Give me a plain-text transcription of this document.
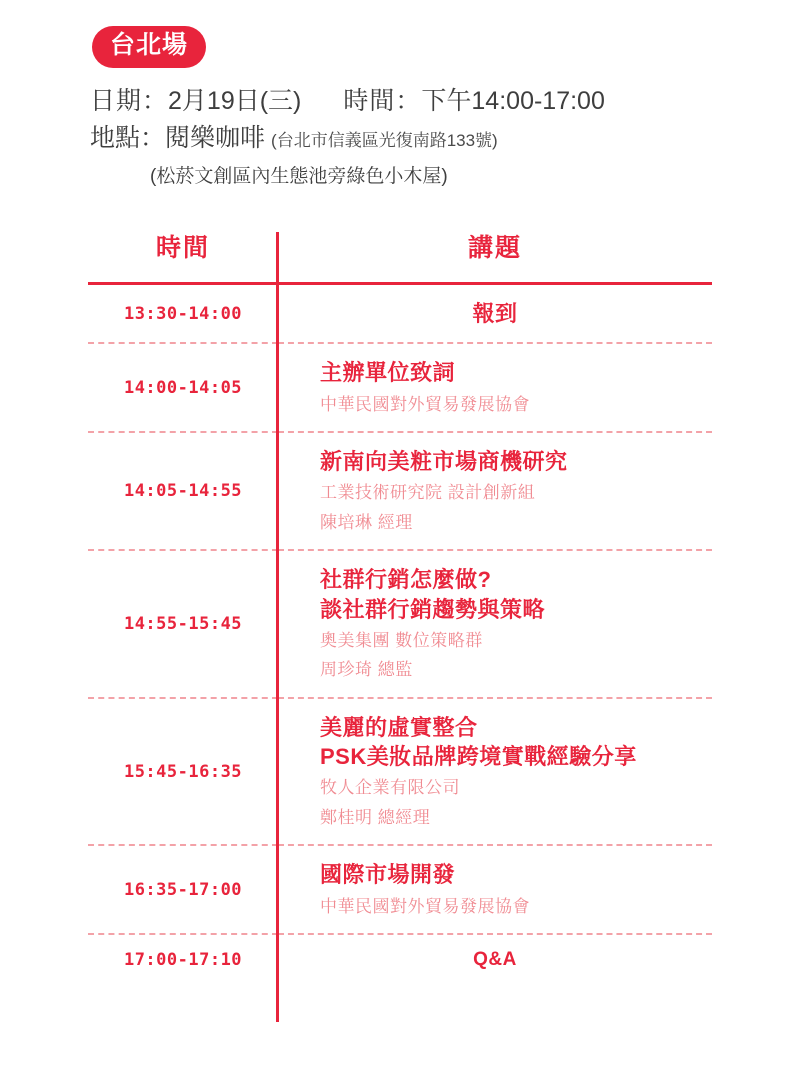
台北場
日期：2月19日(三) 時間：下午14:00-17:00
地點：閱樂咖啡 (台北市信義區光復南路133號)
(松菸文創區內生態池旁綠色小木屋)
時間	講題

13:30-14:00	報到

14:00-14:05	主辦單位致詞
中華民國對外貿易發展協會

14:05-14:55	新南向美粧市場商機研究
工業技術研究院 設計創新組
陳培琳 經理

14:55-15:45	社群行銷怎麼做?
談社群行銷趨勢與策略
奧美集團 數位策略群
周珍琦 總監

15:45-16:35	美麗的虛實整合
PSK美妝品牌跨境實戰經驗分享
牧人企業有限公司
鄭桂明 總經理

16:35-17:00	國際市場開發
中華民國對外貿易發展協會

17:00-17:10	Q&A
